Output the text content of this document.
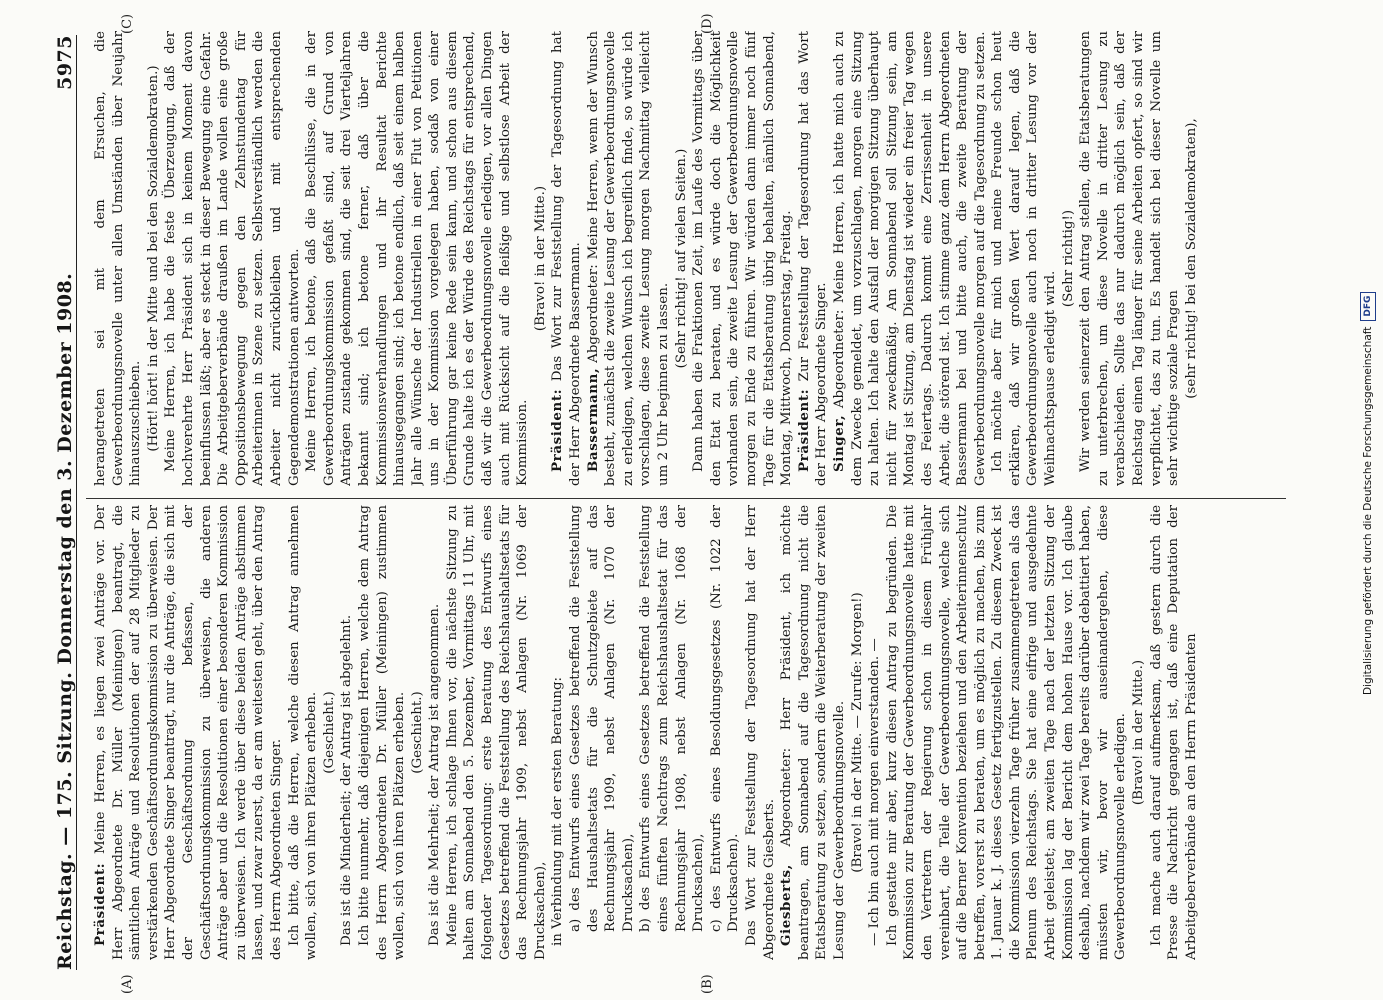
Reichstag. — 175. Sitzung. Donnerstag den 3. Dezember 1908.
5975
(A)	(B)
(C)	(D)

Präsident: Meine Herren, es liegen zwei Anträge vor. Der Herr Abgeordnete Dr. Müller (Meiningen) beantragt, die sämtlichen Anträge und Resolutionen der auf 28 Mitglieder zu verstärkenden Geschäftsordnungskommission zu überweisen. Der Herr Abgeordnete Singer beantragt, nur die Anträge, die sich mit der Geschäftsordnung befassen, der Geschäftsordnungskommission zu überweisen, die anderen Anträge aber und die Resolutionen einer besonderen Kommission zu überweisen. Ich werde über diese beiden Anträge abstimmen lassen, und zwar zuerst, da er am weitesten geht, über den Antrag des Herrn Abgeordneten Singer. Ich bitte, daß die Herren, welche diesen Antrag annehmen wollen, sich von ihren Plätzen erheben. (Geschieht.) Das ist die Minderheit; der Antrag ist abgelehnt. Ich bitte nunmehr, daß diejenigen Herren, welche dem Antrag des Herrn Abgeordneten Dr. Müller (Meiningen) zustimmen wollen, sich von ihren Plätzen erheben. (Geschieht.) Das ist die Mehrheit; der Antrag ist angenommen. Meine Herren, ich schlage Ihnen vor, die nächste Sitzung zu halten am Sonnabend den 5. Dezember, Vormittags 11 Uhr, mit folgender Tagesordnung: erste Beratung des Entwurfs eines Gesetzes betreffend die Feststellung des Reichshaushaltsetats für das Rechnungsjahr 1909, nebst Anlagen (Nr. 1069 der Drucksachen), in Verbindung mit der ersten Beratung: a) des Entwurfs eines Gesetzes betreffend die Feststellung des Haushaltsetats für die Schutzgebiete auf das Rechnungsjahr 1909, nebst Anlagen (Nr. 1070 der Drucksachen), b) des Entwurfs eines Gesetzes betreffend die Feststellung eines fünften Nachtrags zum Reichshaushaltsetat für das Rechnungsjahr 1908, nebst Anlagen (Nr. 1068 der Drucksachen), c) des Entwurfs eines Besoldungsgesetzes (Nr. 1022 der Drucksachen). Das Wort zur Feststellung der Tagesordnung hat der Herr Abgeordnete Giesberts. Giesberts, Abgeordneter: Herr Präsident, ich möchte beantragen, am Sonnabend auf die Tagesordnung nicht die Etatsberatung zu setzen, sondern die Weiterberatung der zweiten Lesung der Gewerbeordnungsnovelle. (Bravo! in der Mitte. — Zurufe: Morgen!) — Ich bin auch mit morgen einverstanden. — Ich gestatte mir aber, kurz diesen Antrag zu begründen. Die Kommission zur Beratung der Gewerbeordnungsnovelle hatte mit den Vertretern der Regierung schon in diesem Frühjahr vereinbart, die Teile der Gewerbeordnungsnovelle, welche sich auf die Berner Konvention beziehen und den Arbeiterinnenschutz betreffen, vorerst zu beraten, um es möglich zu machen, bis zum 1. Januar k. J. dieses Gesetz fertigzustellen. Zu diesem Zweck ist die Kommission vierzehn Tage früher zusammengetreten als das Plenum des Reichstags. Sie hat eine eifrige und ausgedehnte Arbeit geleistet; am zweiten Tage nach der letzten Sitzung der Kommission lag der Bericht dem hohen Hause vor. Ich glaube deshalb, nachdem wir zwei Tage bereits darüber debattiert haben, müssten wir, bevor wir auseinandergehen, diese Gewerbeordnungsnovelle erledigen. (Bravo! in der Mitte.) Ich mache auch darauf aufmerksam, daß gestern durch die Presse die Nachricht gegangen ist, daß eine Deputation der Arbeitgeberverbände an den Herrn Präsidenten

herangetreten sei mit dem Ersuchen, die Gewerbeordnungsnovelle unter allen Umständen über Neujahr hinauszuschieben. (Hört! hört! in der Mitte und bei den Sozialdemokraten.) Meine Herren, ich habe die feste Überzeugung, daß der hochverehrte Herr Präsident sich in keinem Moment davon beeinflussen läßt; aber es steckt in dieser Bewegung eine Gefahr. Die Arbeitgeberverbände draußen im Lande wollen eine große Oppositionsbewegung gegen den Zehnstundentag für Arbeiterinnen in Szene zu setzen. Selbstverständlich werden die Arbeiter nicht zurückbleiben und mit entsprechenden Gegendemonstrationen antworten. Meine Herren, ich betone, daß die Beschlüsse, die in der Gewerbeordnungskommission gefaßt sind, auf Grund von Anträgen zustande gekommen sind, die seit drei Vierteljahren bekannt sind; ich betone ferner, daß über die Kommissionsverhandlungen und ihr Resultat Berichte hinausgegangen sind; ich betone endlich, daß seit einem halben Jahr alle Wünsche der Industriellen in einer Flut von Petitionen uns in der Kommission vorgelegen haben, sodaß von einer Überführung gar keine Rede sein kann, und schon aus diesem Grunde halte ich es der Würde des Reichstags für entsprechend, daß wir die Gewerbeordnungsnovelle erledigen, vor allen Dingen auch mit Rücksicht auf die fleißige und selbstlose Arbeit der Kommission.

(Bravo! in der Mitte.)

Präsident: Das Wort zur Feststellung der Tagesordnung hat der Herr Abgeordnete Bassermann. Bassermann, Abgeordneter: Meine Herren, wenn der Wunsch besteht, zunächst die zweite Lesung der Gewerbeordnungsnovelle zu erledigen, welchen Wunsch ich begreiflich finde, so würde ich vorschlagen, diese zweite Lesung morgen Nachmittag vielleicht um 2 Uhr beginnen zu lassen.

(Sehr richtig! auf vielen Seiten.) Dann haben die Fraktionen Zeit, im Laufe des Vormittags über den Etat zu beraten, und es würde doch die Möglichkeit vorhanden sein, die zweite Lesung der Gewerbeordnungsnovelle morgen zu Ende zu führen. Wir würden dann immer noch fünf Tage für die Etatsberatung übrig behalten, nämlich Sonnabend, Montag, Mittwoch, Donnerstag, Freitag. Präsident: Zur Feststellung der Tagesordnung hat das Wort der Herr Abgeordnete Singer. Singer, Abgeordneter: Meine Herren, ich hatte mich auch zu dem Zwecke gemeldet, um vorzuschlagen, morgen eine Sitzung zu halten. Ich halte den Ausfall der morgigen Sitzung überhaupt nicht für zweckmäßig. Am Sonnabend soll Sitzung sein, am Montag ist Sitzung, am Dienstag ist wieder ein freier Tag wegen des Feiertags. Dadurch kommt eine Zerrissenheit in unsere Arbeit, die störend ist. Ich stimme ganz dem Herrn Abgeordneten Bassermann bei und bitte auch, die zweite Beratung der Gewerbeordnungsnovelle morgen auf die Tagesordnung zu setzen. Ich möchte aber für mich und meine Freunde schon heut erklären, daß wir großen Wert darauf legen, daß die Gewerbeordnungsnovelle auch noch in dritter Lesung vor der Weihnachtspause erledigt wird.

(Sehr richtig!) Wir werden seinerzeit den Antrag stellen, die Etatsberatungen zu unterbrechen, um diese Novelle in dritter Lesung zu verabschieden. Sollte das nur dadurch möglich sein, daß der Reichstag einen Tag länger für seine Arbeiten opfert, so sind wir verpflichtet, das zu tun. Es handelt sich bei dieser Novelle um sehr wichtige soziale Fragen (sehr richtig! bei den Sozialdemokraten),

Digitalisierung gefördert durch die Deutsche Forschungsgemeinschaft
DFG
